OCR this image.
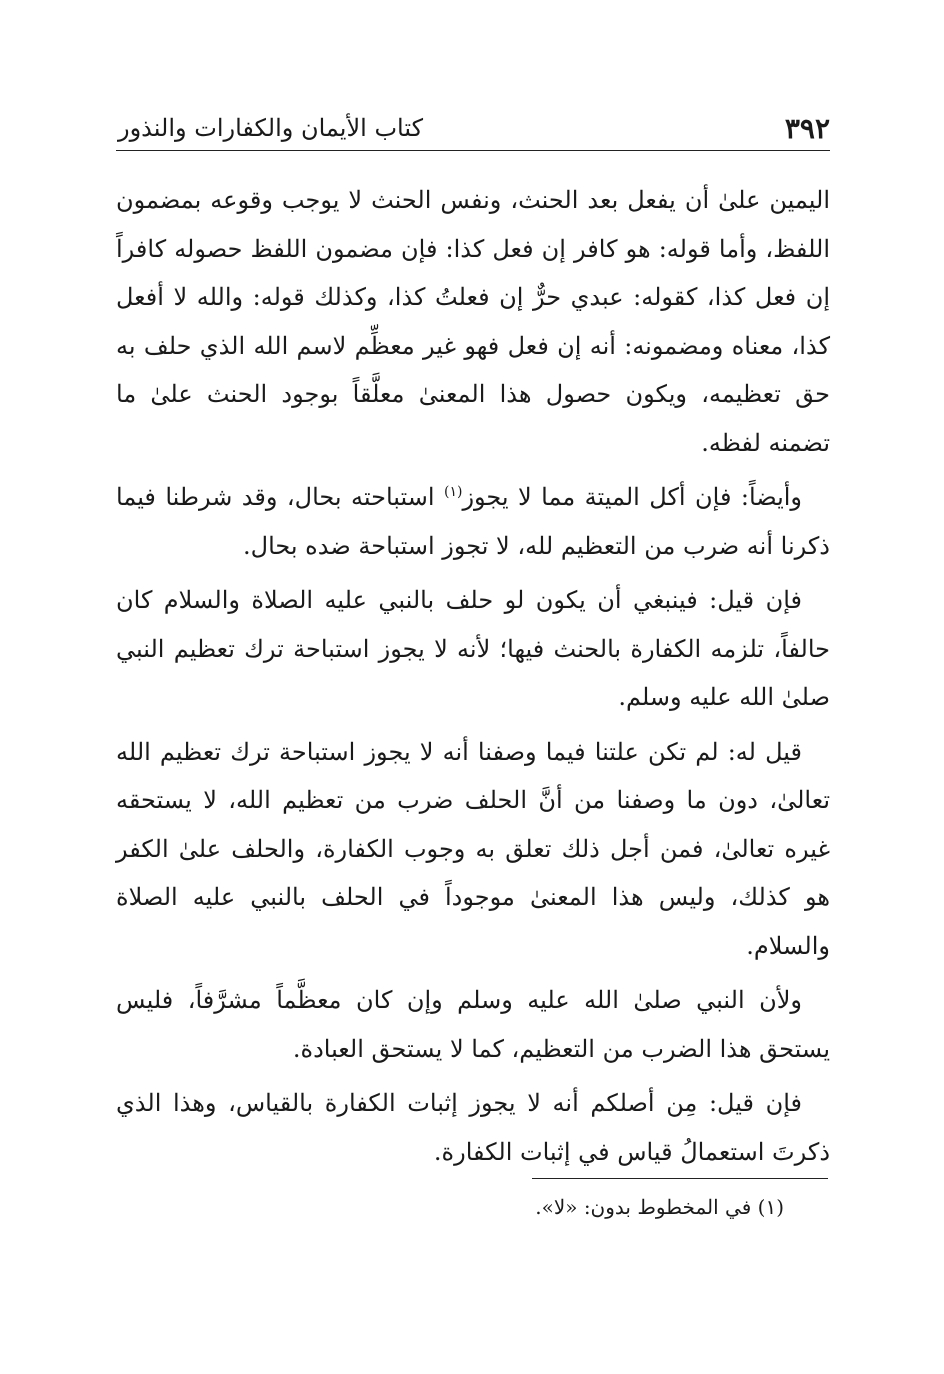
٣٩٢
كتاب الأيمان والكفارات والنذور

اليمين علىٰ أن يفعل بعد الحنث، ونفس الحنث لا يوجب وقوعه بمضمون اللفظ، وأما قوله: هو كافر إن فعل كذا: فإن مضمون اللفظ حصوله كافراً إن فعل كذا، كقوله: عبدي حرٌّ إن فعلتُ كذا، وكذلك قوله: والله لا أفعل كذا، معناه ومضمونه: أنه إن فعل فهو غير معظِّم لاسم الله الذي حلف به حق تعظيمه، ويكون حصول هذا المعنىٰ معلَّقاً بوجود الحنث علىٰ ما تضمنه لفظه.

وأيضاً: فإن أكل الميتة مما لا يجوز$^{(١)}$ استباحته بحال، وقد شرطنا فيما ذكرنا أنه ضرب من التعظيم لله، لا تجوز استباحة ضده بحال.

فإن قيل: فينبغي أن يكون لو حلف بالنبي عليه الصلاة والسلام كان حالفاً، تلزمه الكفارة بالحنث فيها؛ لأنه لا يجوز استباحة ترك تعظيم النبي صلىٰ الله عليه وسلم.

قيل له: لم تكن علتنا فيما وصفنا أنه لا يجوز استباحة ترك تعظيم الله تعالىٰ، دون ما وصفنا من أنَّ الحلف ضرب من تعظيم الله، لا يستحقه غيره تعالىٰ، فمن أجل ذلك تعلق به وجوب الكفارة، والحلف علىٰ الكفر هو كذلك، وليس هذا المعنىٰ موجوداً في الحلف بالنبي عليه الصلاة والسلام.

ولأن النبي صلىٰ الله عليه وسلم وإن كان معظَّماً مشرَّفاً، فليس يستحق هذا الضرب من التعظيم، كما لا يستحق العبادة.

فإن قيل: مِن أصلكم أنه لا يجوز إثبات الكفارة بالقياس، وهذا الذي ذكرتَ استعمالُ قياس في إثبات الكفارة.

(١) في المخطوط بدون: «لا».
